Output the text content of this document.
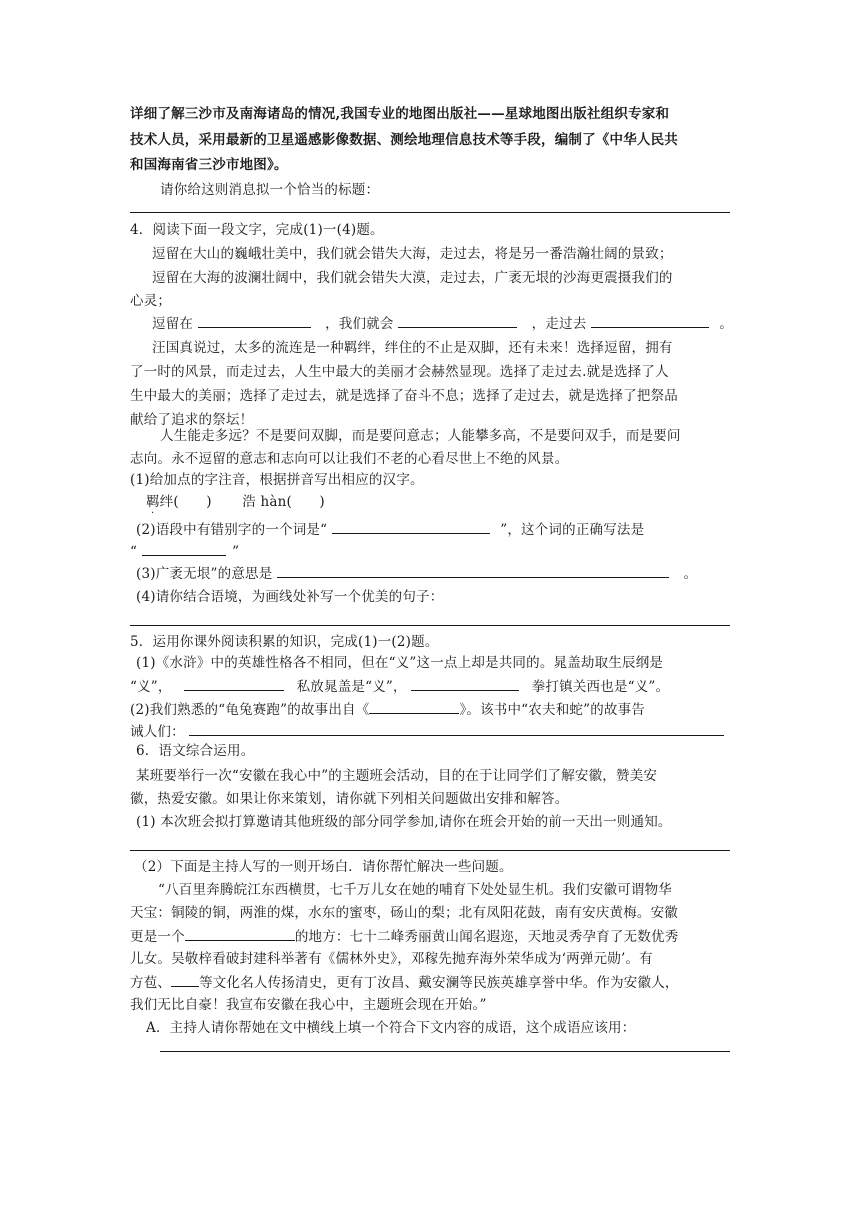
详细了解三沙市及南海诸岛的情况,我国专业的地图出版社——星球地图出版社组织专家和
技术人员，采用最新的卫星遥感影像数据、测绘地理信息技术等手段，编制了《中华人民共
和国海南省三沙市地图》。
请你给这则消息拟一个恰当的标题：
4．阅读下面一段文字，完成(1)一(4)题。
逗留在大山的巍峨壮美中，我们就会错失大海，走过去，将是另一番浩瀚壮阔的景致；
逗留在大海的波澜壮阔中，我们就会错失大漠，走过去，广袤无垠的沙海更震摄我们的
心灵；
逗留在	，我们就会	，走过去	。
汪国真说过，太多的流连是一种羁绊，绊住的不止是双脚，还有未来！选择逗留，拥有
了一时的风景，而走过去，人生中最大的美丽才会赫然显现。选择了走过去.就是选择了人
生中最大的美丽；选择了走过去，就是选择了奋斗不息；选择了走过去，就是选择了把祭品
献给了追求的祭坛！
人生能走多远？不是要问双脚，而是要问意志；人能攀多高，不是要问双手，而是要问
志向。永不逗留的意志和志向可以让我们不老的心看尽世上不绝的风景。
(1)给加点的字注音，根据拼音写出相应的汉字。
羁
·
绊(　　) 浩 hàn(　　)
(2)语段中有错别字的一个词是“	”，这个词的正确写法是
“	”
(3)广袤无垠”的意思是	。
(4)请你结合语境，为画线处补写一个优美的句子：
5．运用你课外阅读积累的知识，完成(1)一(2)题。
(1)《水浒》中的英雄性格各不相同，但在“义”这一点上却是共同的。晁盖劫取生辰纲是
“义”，	私放晁盖是“义”，	拳打镇关西也是“义”。
(2)我们熟悉的“龟兔赛跑”的故事出自《	》。该书中“农夫和蛇”的故事告
诫人们：
6．语文综合运用。
某班要举行一次“安徽在我心中”的主题班会活动，目的在于让同学们了解安徽，赞美安
徽，热爱安徽。如果让你来策划，请你就下列相关问题做出安排和解答。
(1) 本次班会拟打算邀请其他班级的部分同学参加,请你在班会开始的前一天出一则通知。
（2）下面是主持人写的一则开场白．请你帮忙解决一些问题。
“八百里奔腾皖江东西横贯，七千万儿女在她的哺育下处处显生机。我们安徽可谓物华
天宝：铜陵的铜，两淮的煤，水东的蜜枣，砀山的梨；北有凤阳花鼓，南有安庆黄梅。安徽
更是一个	的地方：七十二峰秀丽黄山闻名遐迩，天地灵秀孕育了无数优秀
儿女。吴敬梓看破封建科举著有《儒林外史》，邓稼先抛弃海外荣华成为‘两弹元勋’。有
方苞、 等文化名人传扬清史，更有丁汝昌、戴安澜等民族英雄享誉中华。作为安徽人，
我们无比自豪！我宣布安徽在我心中，主题班会现在开始。”
A．主持人请你帮她在文中横线上填一个符合下文内容的成语，这个成语应该用：
